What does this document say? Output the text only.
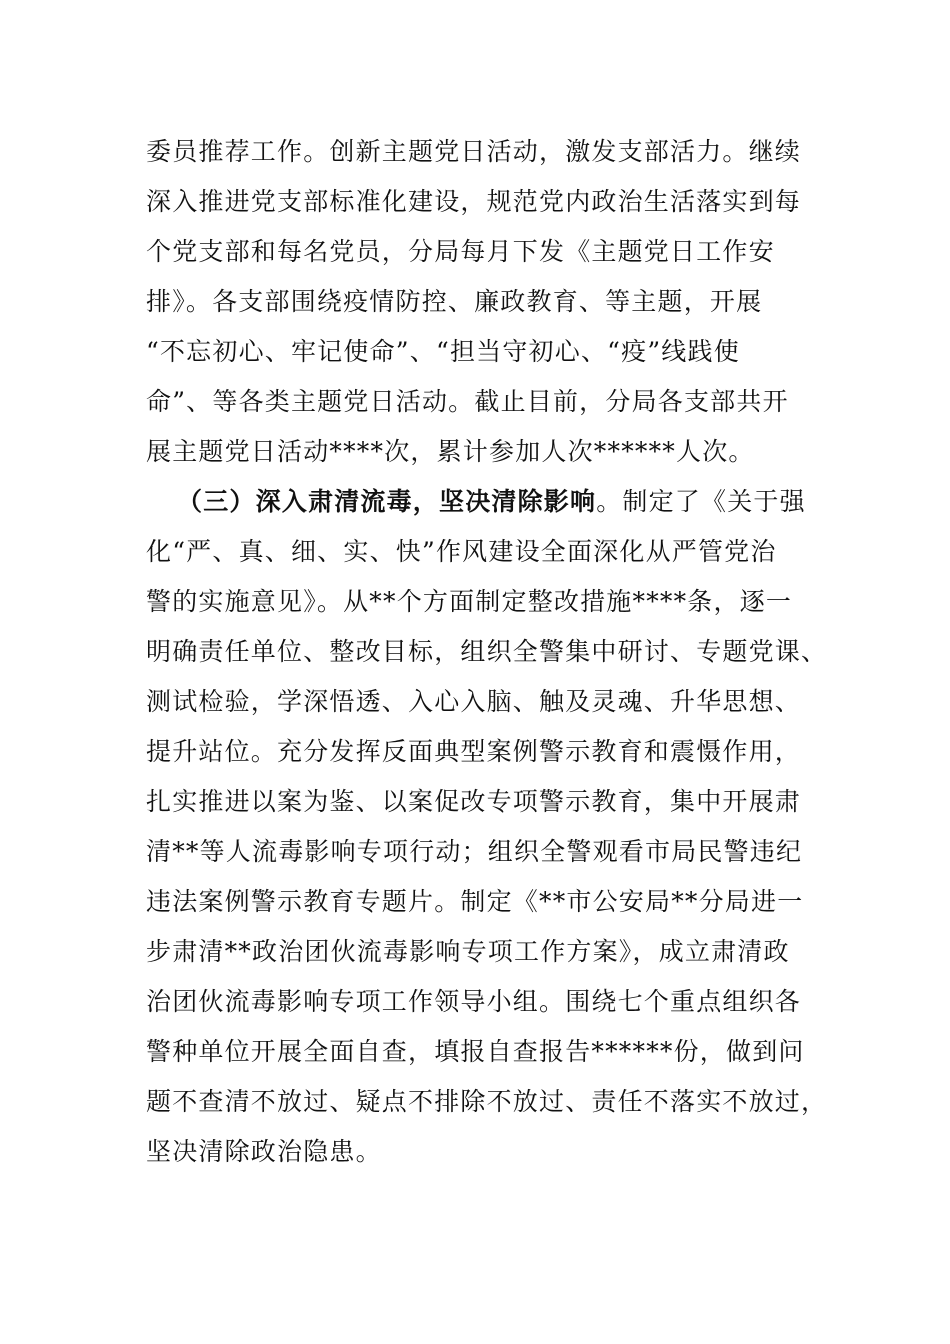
委员推荐工作。创新主题党日活动，激发支部活力。继续
深入推进党支部标准化建设，规范党内政治生活落实到每
个党支部和每名党员，分局每月下发《主题党日工作安
排》。各支部围绕疫情防控、廉政教育、等主题，开展
“不忘初心、牢记使命”、“担当守初心、“疫”线践使
命”、等各类主题党日活动。截止目前，分局各支部共开
展主题党日活动****次，累计参加人次******人次。
（三）深入肃清流毒，坚决清除影响。制定了《关于强
化“严、真、细、实、快”作风建设全面深化从严管党治
警的实施意见》。从**个方面制定整改措施****条，逐一
明确责任单位、整改目标，组织全警集中研讨、专题党课、
测试检验，学深悟透、入心入脑、触及灵魂、升华思想、
提升站位。充分发挥反面典型案例警示教育和震慑作用，
扎实推进以案为鉴、以案促改专项警示教育，集中开展肃
清**等人流毒影响专项行动；组织全警观看市局民警违纪
违法案例警示教育专题片。制定《**市公安局**分局进一
步肃清**政治团伙流毒影响专项工作方案》，成立肃清政
治团伙流毒影响专项工作领导小组。围绕七个重点组织各
警种单位开展全面自查，填报自查报告******份，做到问
题不查清不放过、疑点不排除不放过、责任不落实不放过，
坚决清除政治隐患。
